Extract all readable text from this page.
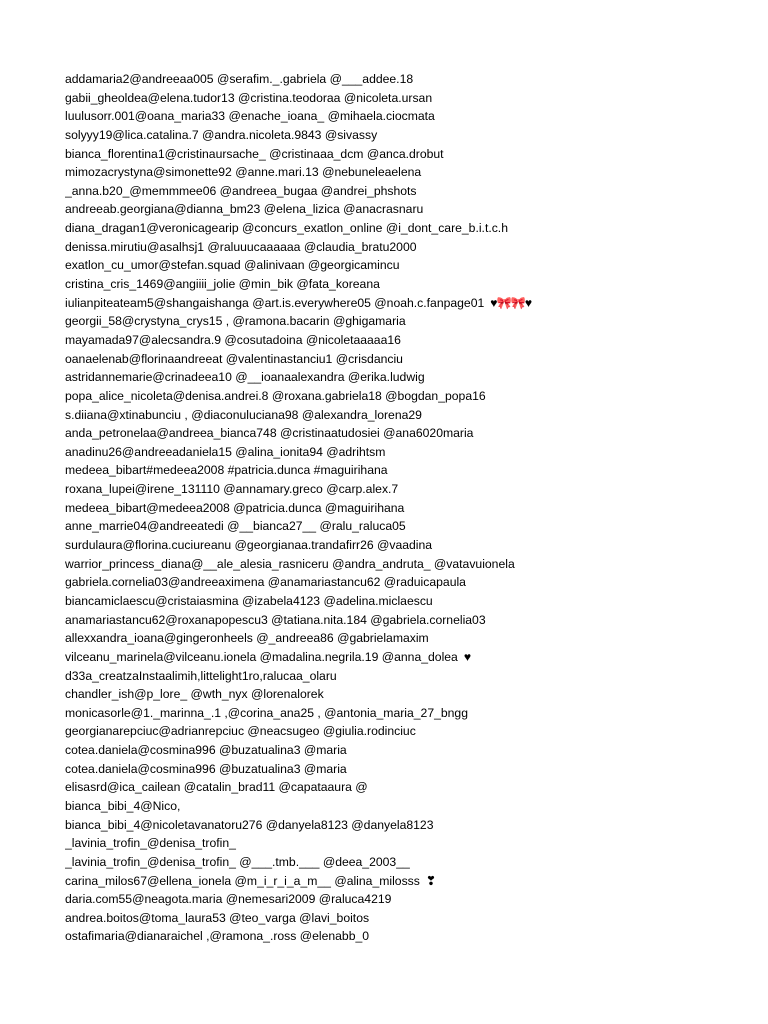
addamaria2@andreeaa005 @serafim._.gabriela @___addee.18
gabii_gheoldea@elena.tudor13 @cristina.teodoraa @nicoleta.ursan
luulusorr.001@oana_maria33 @enache_ioana_ @mihaela.ciocmata
solyyy19@lica.catalina.7 @andra.nicoleta.9843 @sivassy
bianca_florentina1@cristinaursache_ @cristinaaa_dcm @anca.drobut
mimozacrystyna@simonette92 @anne.mari.13 @nebuneleaelena
_anna.b20_@memmmee06 @andreea_bugaa @andrei_phshots
andreeab.georgiana@dianna_bm23 @elena_lizica @anacrasnaru
diana_dragan1@veronicagearip @concurs_exatlon_online @i_dont_care_b.i.t.c.h
denissa.mirutiu@asalhsj1 @raluuucaaaaaa @claudia_bratu2000
exatlon_cu_umor@stefan.squad @alinivaan @georgicamincu
cristina_cris_1469@angiiii_jolie @min_bik @fata_koreana
iulianpiteateam5@shangaishanga @art.is.everywhere05 @noah.c.fanpage01 ♥🎀🎀♥
georgii_58@crystyna_crys15 , @ramona.bacarin @ghigamaria
mayamada97@alecsandra.9 @cosutadoina @nicoletaaaaa16
oanaelenab@florinaandreeat @valentinastanciu1 @crisdanciu
astridannemarie@crinadeea10 @__ioanaalexandra @erika.ludwig
popa_alice_nicoleta@denisa.andrei.8 @roxana.gabriela18 @bogdan_popa16
s.diiana@xtinabunciu , @diaconuluciana98 @alexandra_lorena29
anda_petronelaa@andreea_bianca748 @cristinaatudosiei @ana6020maria
anadinu26@andreeadaniela15 @alina_ionita94 @adrihtsm
medeea_bibart#medeea2008 #patricia.dunca #maguirihana
roxana_lupei@irene_131110 @annamary.greco @carp.alex.7
medeea_bibart@medeea2008 @patricia.dunca @maguirihana
anne_marrie04@andreeatedi @__bianca27__ @ralu_raluca05
surdulaura@florina.cuciureanu @georgianaa.trandafirr26 @vaadina
warrior_princess_diana@__ale_alesia_rasniceru @andra_andruta_ @vatavuionela
gabriela.cornelia03@andreeaximena @anamariastancu62 @raduicapaula
biancamiclaescu@cristaiasmina @izabela4123 @adelina.miclaescu
anamariastancu62@roxanapopescu3 @tatiana.nita.184 @gabriela.cornelia03
allexxandra_ioana@gingeronheels @_andreea86 @gabrielamaxim
vilceanu_marinela@vilceanu.ionela @madalina.negrila.19 @anna_dolea ♥
d33a_creatzaInstaalimih,littelight1ro,ralucaa_olaru
chandler_ish@p_lore_ @wth_nyx @lorenalorek
monicasorle@1._marinna_.1 ,@corina_ana25 , @antonia_maria_27_bngg
georgianarepciuc@adrianrepciuc @neacsugeo @giulia.rodinciuc
cotea.daniela@cosmina996 @buzatualina3 @maria
cotea.daniela@cosmina996 @buzatualina3 @maria
elisasrd@ica_cailean @catalin_brad11 @capataaura @
bianca_bibi_4@Nico,
bianca_bibi_4@nicoletavanatoru276 @danyela8123 @danyela8123
_lavinia_trofin_@denisa_trofin_
_lavinia_trofin_@denisa_trofin_ @___.tmb.___ @deea_2003__
carina_milos67@ellena_ionela @m_i_r_i_a_m__ @alina_milosss ❣
daria.com55@neagota.maria @nemesari2009 @raluca4219
andrea.boitos@toma_laura53 @teo_varga @lavi_boitos
ostafimaria@dianaraichel ,@ramona_.ross @elenabb_0
